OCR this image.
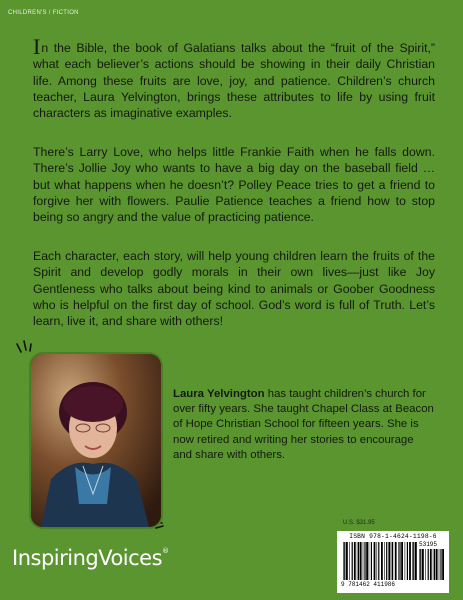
CHILDREN'S / FICTION
In the Bible, the book of Galatians talks about the “fruit of the Spirit,” what each believer’s actions should be showing in their daily Christian life. Among these fruits are love, joy, and patience. Children’s church teacher, Laura Yelvington, brings these attributes to life by using fruit characters as imaginative examples.
There’s Larry Love, who helps little Frankie Faith when he falls down. There’s Jollie Joy who wants to have a big day on the baseball field … but what happens when he doesn’t? Polley Peace tries to get a friend to forgive her with flowers. Paulie Patience teaches a friend how to stop being so angry and the value of practicing patience.
Each character, each story, will help young children learn the fruits of the Spirit and develop godly morals in their own lives—just like Joy Gentleness who talks about being kind to animals or Goober Goodness who is helpful on the first day of school. God’s word is full of Truth. Let’s learn, live it, and share with others!
Laura Yelvington has taught children’s church for over fifty years. She taught Chapel Class at Beacon of Hope Christian School for fifteen years. She is now retired and writing her stories to encourage and share with others.
InspiringVoices®
U.S. $31.95
ISBN 978-1-4624-1198-6
53195
9 781462 411986
